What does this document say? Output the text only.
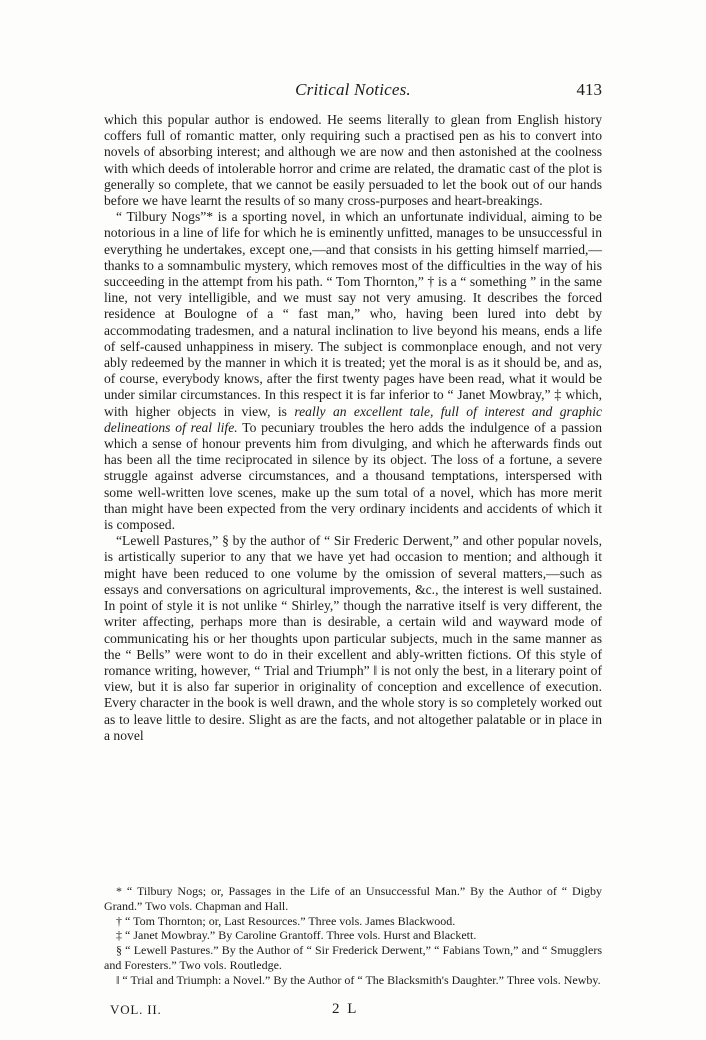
Critical Notices.	413

which this popular author is endowed. He seems literally to glean from English history coffers full of romantic matter, only requiring such a practised pen as his to convert into novels of absorbing interest; and although we are now and then astonished at the coolness with which deeds of intolerable horror and crime are related, the dramatic cast of the plot is generally so complete, that we cannot be easily persuaded to let the book out of our hands before we have learnt the results of so many cross-purposes and heart-breakings.

“ Tilbury Nogs”* is a sporting novel, in which an unfortunate individual, aiming to be notorious in a line of life for which he is eminently unfitted, manages to be unsuccessful in everything he undertakes, except one,—and that consists in his getting himself married,—thanks to a somnambulic mystery, which removes most of the difficulties in the way of his succeeding in the attempt from his path. “ Tom Thornton,” † is a “ something ” in the same line, not very intelligible, and we must say not very amusing. It describes the forced residence at Boulogne of a “ fast man,” who, having been lured into debt by accommodating tradesmen, and a natural inclination to live beyond his means, ends a life of self-caused unhappiness in misery. The subject is commonplace enough, and not very ably redeemed by the manner in which it is treated; yet the moral is as it should be, and as, of course, everybody knows, after the first twenty pages have been read, what it would be under similar circumstances. In this respect it is far inferior to “ Janet Mowbray,” ‡ which, with higher objects in view, is really an excellent tale, full of interest and graphic delineations of real life. To pecuniary troubles the hero adds the indulgence of a passion which a sense of honour prevents him from divulging, and which he afterwards finds out has been all the time reciprocated in silence by its object. The loss of a fortune, a severe struggle against adverse circumstances, and a thousand temptations, interspersed with some well-written love scenes, make up the sum total of a novel, which has more merit than might have been expected from the very ordinary incidents and accidents of which it is composed.

“Lewell Pastures,” § by the author of “ Sir Frederic Derwent,” and other popular novels, is artistically superior to any that we have yet had occasion to mention; and although it might have been reduced to one volume by the omission of several matters,—such as essays and conversations on agricultural improvements, &c., the interest is well sustained. In point of style it is not unlike “ Shirley,” though the narrative itself is very different, the writer affecting, perhaps more than is desirable, a certain wild and wayward mode of communicating his or her thoughts upon particular subjects, much in the same manner as the “ Bells” were wont to do in their excellent and ably-written fictions. Of this style of romance writing, however, “ Trial and Triumph” ‖ is not only the best, in a literary point of view, but it is also far superior in originality of conception and excellence of execution. Every character in the book is well drawn, and the whole story is so completely worked out as to leave little to desire. Slight as are the facts, and not altogether palatable or in place in a novel

* “ Tilbury Nogs; or, Passages in the Life of an Unsuccessful Man.” By the Author of “ Digby Grand.” Two vols. Chapman and Hall.

† “ Tom Thornton; or, Last Resources.” Three vols. James Blackwood.

‡ “ Janet Mowbray.” By Caroline Grantoff. Three vols. Hurst and Blackett.

§ “ Lewell Pastures.” By the Author of “ Sir Frederick Derwent,” “ Fabians Town,” and “ Smugglers and Foresters.” Two vols. Routledge.

‖ “ Trial and Triumph: a Novel.” By the Author of “ The Blacksmith's Daughter.” Three vols. Newby.

VOL. II.	2 L
